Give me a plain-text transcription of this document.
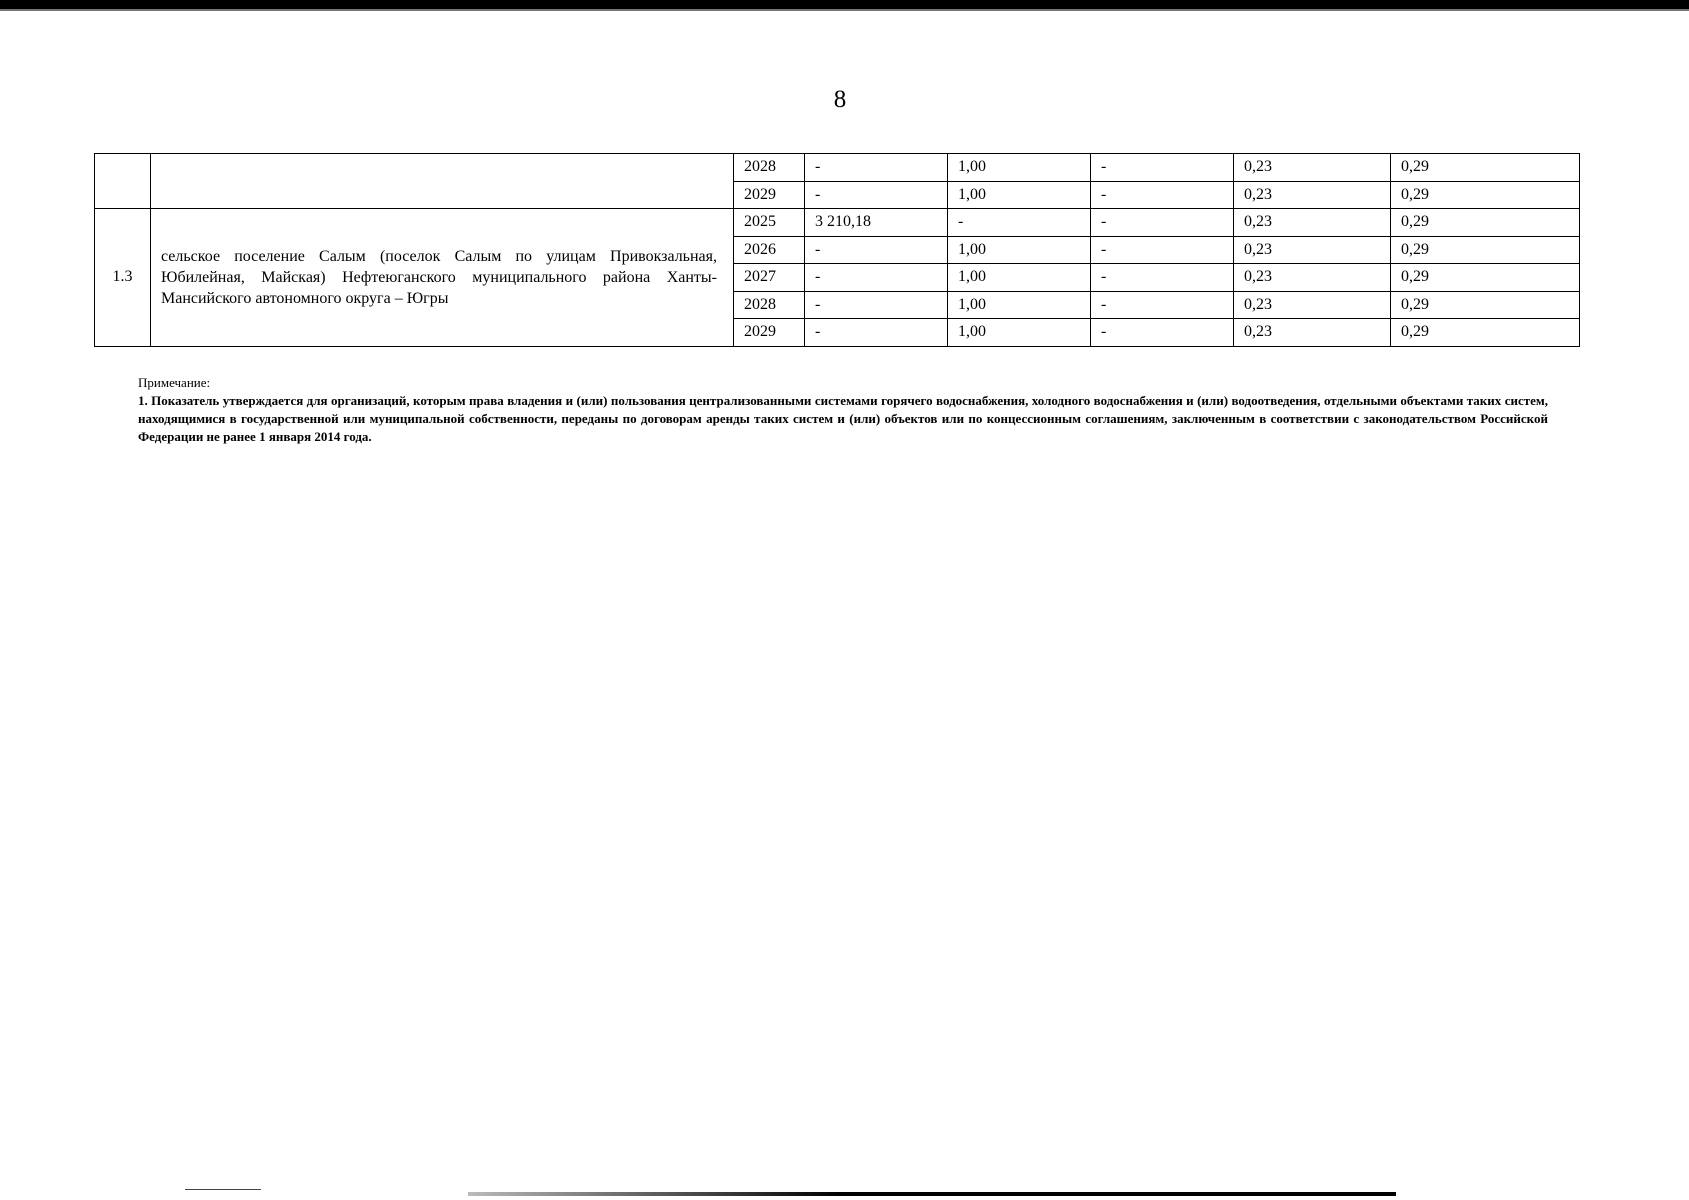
8
		2028	-	1,00	-	0,23	0,29
		2029	-	1,00	-	0,23	0,29
1.3	сельское поселение Салым (поселок Салым по улицам Привокзальная, Юбилейная, Майская) Нефтеюганского муниципального района Ханты-Мансийского автономного округа – Югры	2025	3 210,18	-	-	0,23	0,29
		2026	-	1,00	-	0,23	0,29
		2027	-	1,00	-	0,23	0,29
		2028	-	1,00	-	0,23	0,29
		2029	-	1,00	-	0,23	0,29
Примечание:
1. Показатель утверждается для организаций, которым права владения и (или) пользования централизованными системами горячего водоснабжения, холодного водоснабжения и (или) водоотведения, отдельными объектами таких систем, находящимися в государственной или муниципальной собственности, переданы по договорам аренды таких систем и (или) объектов или по концессионным соглашениям, заключенным в соответствии с законодательством Российской Федерации не ранее 1 января 2014 года.
